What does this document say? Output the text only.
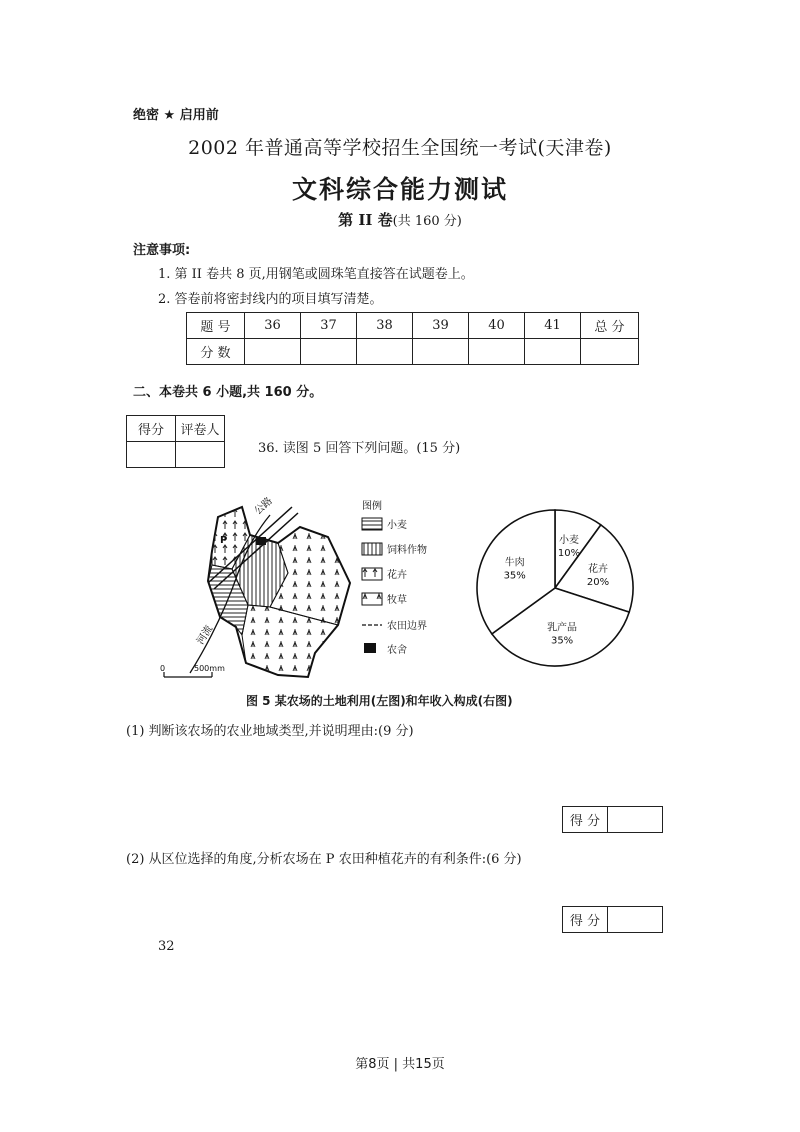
绝密 ★ 启用前
2002 年普通高等学校招生全国统一考试(天津卷)
文科综合能力测试
第 II 卷(共 160 分)
注意事项:
1. 第 II 卷共 8 页,用钢笔或圆珠笔直接答在试题卷上。
2. 答卷前将密封线内的项目填写清楚。
题 号	36	37	38	39	40	41	总 分
分 数							
二、本卷共 6 小题,共 160 分。
得分	评卷人

36. 读图 5 回答下列问题。(15 分)
公路
河流
P
0	500mm
图例
小麦
饲料作物
花卉
牧草
农田边界
农舍
小麦
10%
花卉
20%
乳产品
35%
牛肉
35%
图 5 某农场的土地利用(左图)和年收入构成(右图)
(1) 判断该农场的农业地域类型,并说明理由:(9 分)
得 分	
(2) 从区位选择的角度,分析农场在 P 农田种植花卉的有利条件:(6 分)
得 分	
32
第8页 | 共15页
